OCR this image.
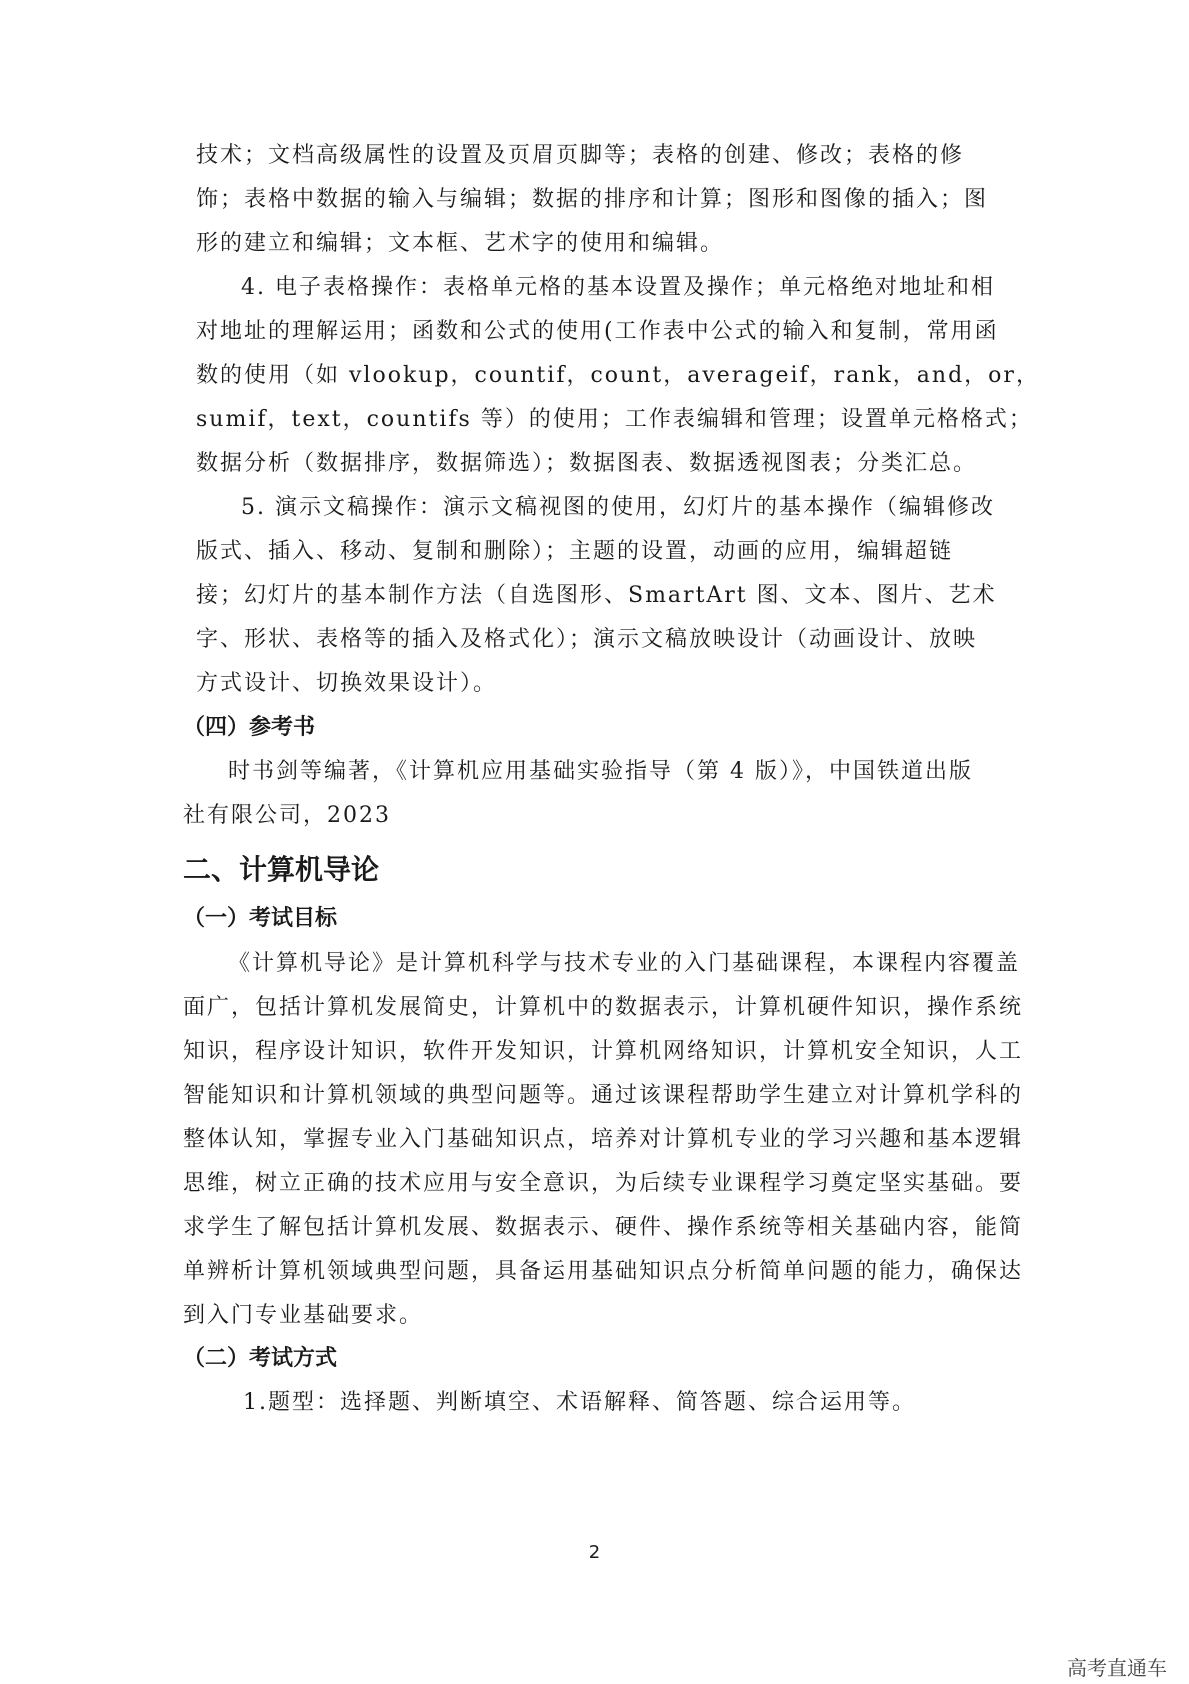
技术；文档高级属性的设置及页眉页脚等；表格的创建、修改；表格的修
饰；表格中数据的输入与编辑；数据的排序和计算；图形和图像的插入；图
形的建立和编辑；文本框、艺术字的使用和编辑。
4. 电子表格操作：表格单元格的基本设置及操作；单元格绝对地址和相
对地址的理解运用；函数和公式的使用(工作表中公式的输入和复制，常用函
数的使用（如 vlookup，countif，count，averageif，rank，and，or，
sumif，text，countifs 等）的使用；工作表编辑和管理；设置单元格格式；
数据分析（数据排序，数据筛选）；数据图表、数据透视图表；分类汇总。
5. 演示文稿操作：演示文稿视图的使用，幻灯片的基本操作（编辑修改
版式、插入、移动、复制和删除）；主题的设置，动画的应用，编辑超链
接；幻灯片的基本制作方法（自选图形、SmartArt 图、文本、图片、艺术
字、形状、表格等的插入及格式化）；演示文稿放映设计（动画设计、放映
方式设计、切换效果设计）。
（四）参考书
时书剑等编著，《计算机应用基础实验指导（第 4 版）》，中国铁道出版
社有限公司，2023
二、计算机导论
（一）考试目标
《计算机导论》是计算机科学与技术专业的入门基础课程，本课程内容覆盖
面广，包括计算机发展简史，计算机中的数据表示，计算机硬件知识，操作系统
知识，程序设计知识，软件开发知识，计算机网络知识，计算机安全知识，人工
智能知识和计算机领域的典型问题等。通过该课程帮助学生建立对计算机学科的
整体认知，掌握专业入门基础知识点，培养对计算机专业的学习兴趣和基本逻辑
思维，树立正确的技术应用与安全意识，为后续专业课程学习奠定坚实基础。要
求学生了解包括计算机发展、数据表示、硬件、操作系统等相关基础内容，能简
单辨析计算机领域典型问题，具备运用基础知识点分析简单问题的能力，确保达
到入门专业基础要求。
（二）考试方式
1.题型：选择题、判断填空、术语解释、简答题、综合运用等。
2
高考直通车
